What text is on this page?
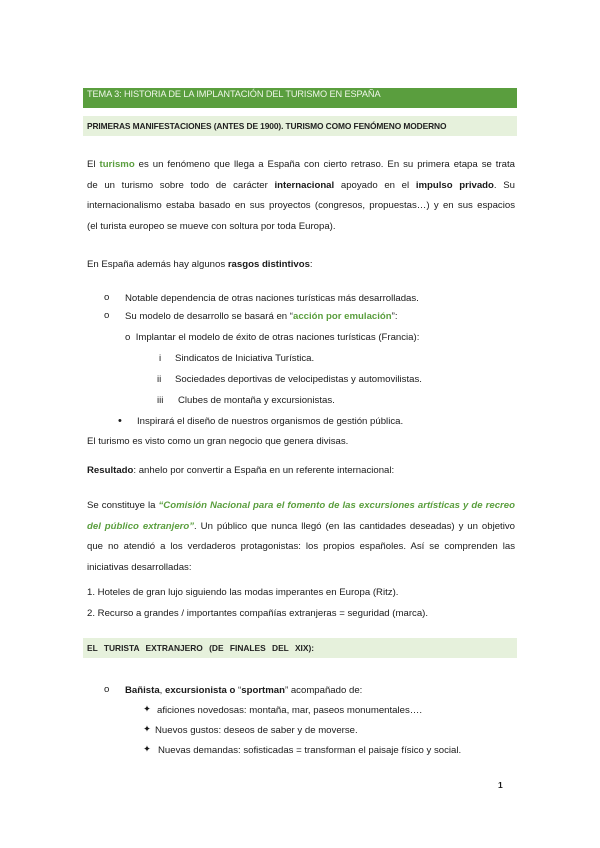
TEMA 3: HISTORIA DE LA IMPLANTACIÓN DEL TURISMO EN ESPAÑA
PRIMERAS MANIFESTACIONES (ANTES DE 1900). TURISMO COMO FENÓMENO MODERNO
El turismo es un fenómeno que llega a España con cierto retraso. En su primera etapa se trata
de un turismo sobre todo de carácter internacional apoyado en el impulso privado. Su
internacionalismo estaba basado en sus proyectos (congresos, propuestas…) y en sus espacios
(el turista europeo se mueve con soltura por toda Europa).
En España además hay algunos rasgos distintivos:
o Notable dependencia de otras naciones turísticas más desarrolladas.
o Su modelo de desarrollo se basará en “acción por emulación”:
o Implantar el modelo de éxito de otras naciones turísticas (Francia):
i Sindicatos de Iniciativa Turística.
ii Sociedades deportivas de velocipedistas y automovilistas.
iii Clubes de montaña y excursionistas.
• Inspirará el diseño de nuestros organismos de gestión pública.
El turismo es visto como un gran negocio que genera divisas.
Resultado: anhelo por convertir a España en un referente internacional:
Se constituye la “Comisión Nacional para el fomento de las excursiones artísticas y de recreo
del público extranjero”. Un público que nunca llegó (en las cantidades deseadas) y un objetivo
que no atendió a los verdaderos protagonistas: los propios españoles. Así se comprenden las
iniciativas desarrolladas:
1. Hoteles de gran lujo siguiendo las modas imperantes en Europa (Ritz).
2. Recurso a grandes / importantes compañías extranjeras = seguridad (marca).
EL TURISTA EXTRANJERO (DE FINALES DEL XIX):
o Bañista, excursionista o “sportman” acompañado de:
✦ aficiones novedosas: montaña, mar, paseos monumentales….
✦ Nuevos gustos: deseos de saber y de moverse.
✦ Nuevas demandas: sofisticadas = transforman el paisaje físico y social.
1
